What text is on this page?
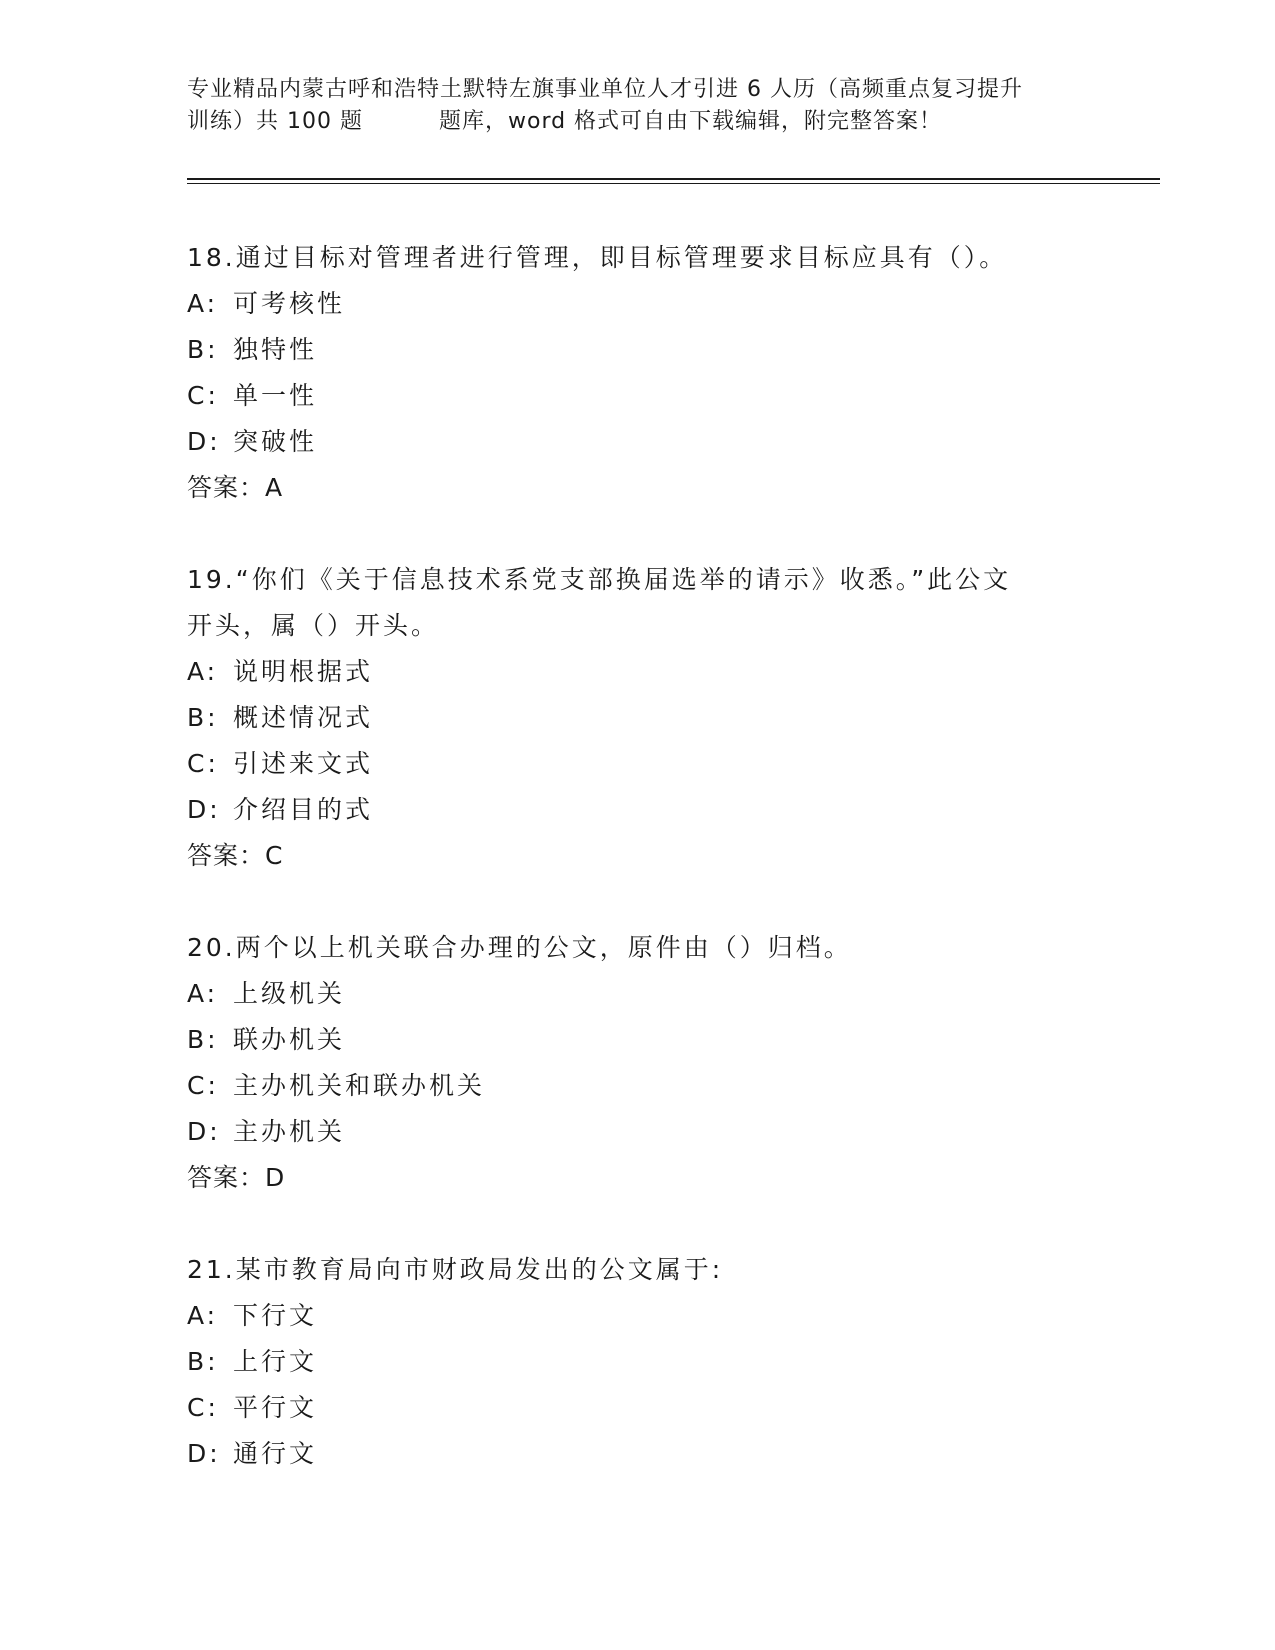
专业精品内蒙古呼和浩特土默特左旗事业单位人才引进 6 人历（高频重点复习提升
训练）共 100 题	题库，word 格式可自由下载编辑，附完整答案！
18.通过目标对管理者进行管理，即目标管理要求目标应具有（）。
A: 可考核性
B: 独特性
C: 单一性
D: 突破性
答案：A
19.“你们《关于信息技术系党支部换届选举的请示》收悉。”此公文
开头，属（）开头。
A: 说明根据式
B: 概述情况式
C: 引述来文式
D: 介绍目的式
答案：C
20.两个以上机关联合办理的公文，原件由（）归档。
A: 上级机关
B: 联办机关
C: 主办机关和联办机关
D: 主办机关
答案：D
21.某市教育局向市财政局发出的公文属于:
A: 下行文
B: 上行文
C: 平行文
D: 通行文
